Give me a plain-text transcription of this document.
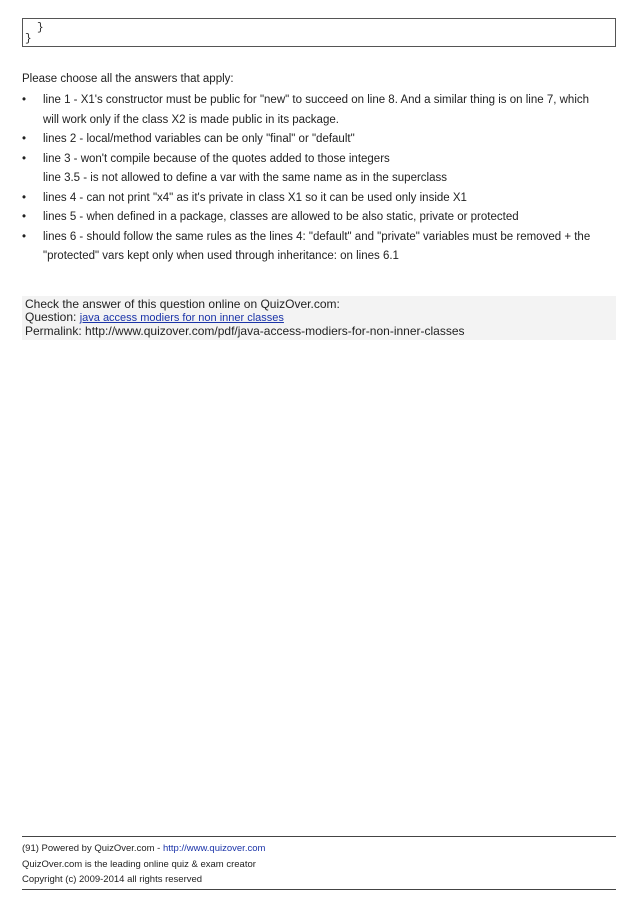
}
}
Please choose all the answers that apply:
• line 1 - X1's constructor must be public for "new" to succeed on line 8. And a similar thing is on line 7, which
will work only if the class X2 is made public in its package.
• lines 2 - local/method variables can be only "final" or "default"
• line 3 - won't compile because of the quotes added to those integers
line 3.5 - is not allowed to define a var with the same name as in the superclass
• lines 4 - can not print "x4" as it's private in class X1 so it can be used only inside X1
• lines 5 - when defined in a package, classes are allowed to be also static, private or protected
• lines 6 - should follow the same rules as the lines 4: "default" and "private" variables must be removed + the
"protected" vars kept only when used through inheritance: on lines 6.1
Check the answer of this question online on QuizOver.com:
Question: java access modiers for non inner classes
Permalink: http://www.quizover.com/pdf/java-access-modiers-for-non-inner-classes
(91) Powered by QuizOver.com - http://www.quizover.com
QuizOver.com is the leading online quiz & exam creator
Copyright (c) 2009-2014 all rights reserved
